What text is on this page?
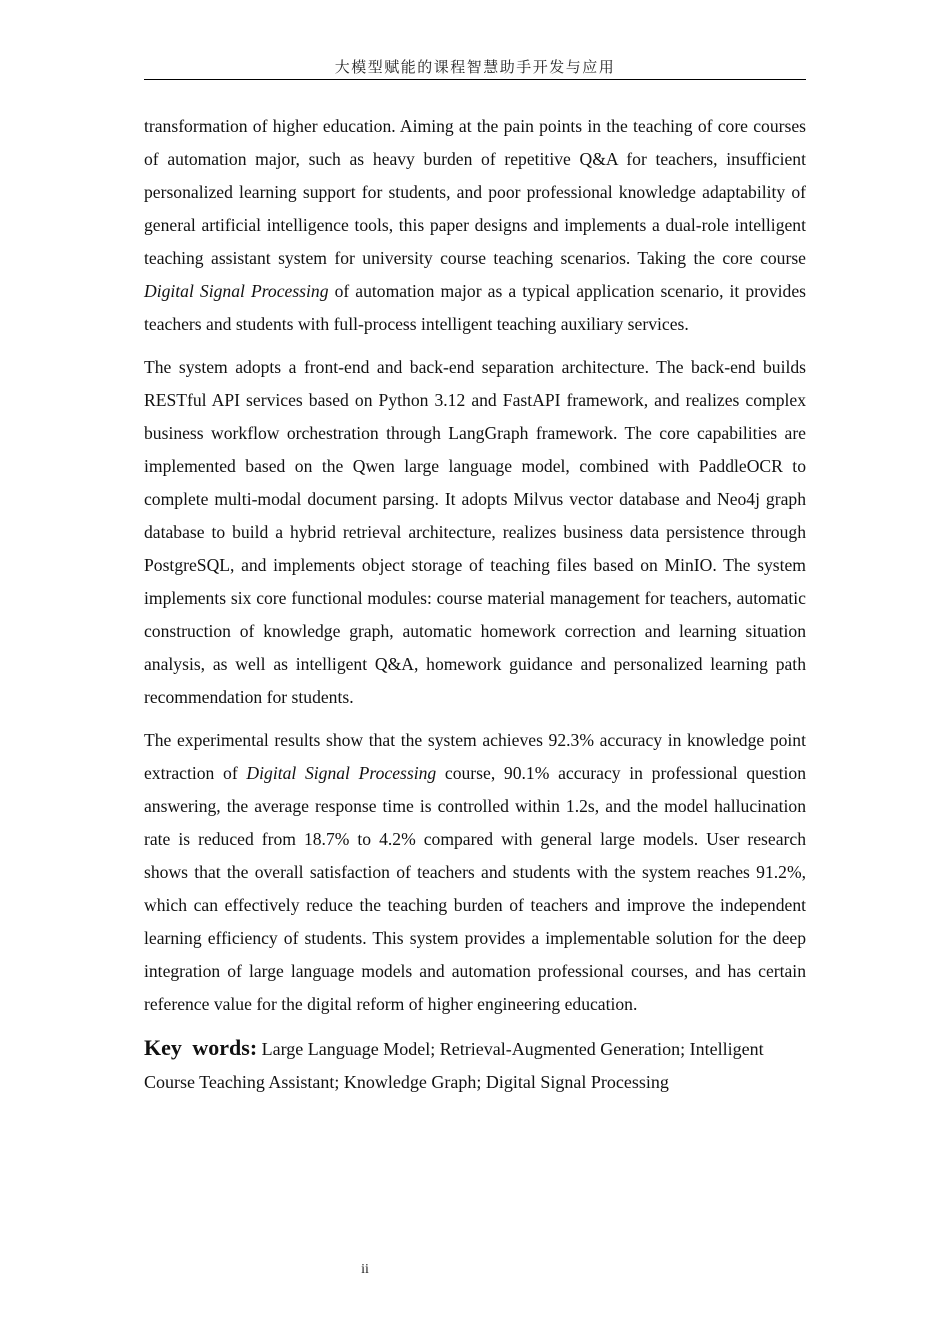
大模型赋能的课程智慧助手开发与应用

transformation of higher education. Aiming at the pain points in the teaching of core courses of automation major, such as heavy burden of repetitive Q&A for teachers, insufficient personalized learning support for students, and poor professional knowledge adaptability of general artificial intelligence tools, this paper designs and implements a dual-role intelligent teaching assistant system for university course teaching scenarios. Taking the core course Digital Signal Processing of automation major as a typical application scenario, it provides teachers and students with full-process intelligent teaching auxiliary services.

The system adopts a front-end and back-end separation architecture. The back-end builds RESTful API services based on Python 3.12 and FastAPI framework, and realizes complex business workflow orchestration through LangGraph framework. The core capabilities are implemented based on the Qwen large language model, combined with PaddleOCR to complete multi-modal document parsing. It adopts Milvus vector database and Neo4j graph database to build a hybrid retrieval architecture, realizes business data persistence through PostgreSQL, and implements object storage of teaching files based on MinIO. The system implements six core functional modules: course material management for teachers, automatic construction of knowledge graph, automatic homework correction and learning situation analysis, as well as intelligent Q&A, homework guidance and personalized learning path recommendation for students.

The experimental results show that the system achieves 92.3% accuracy in knowledge point extraction of Digital Signal Processing course, 90.1% accuracy in professional question answering, the average response time is controlled within 1.2s, and the model hallucination rate is reduced from 18.7% to 4.2% compared with general large models. User research shows that the overall satisfaction of teachers and students with the system reaches 91.2%, which can effectively reduce the teaching burden of teachers and improve the independent learning efficiency of students. This system provides a implementable solution for the deep integration of large language models and automation professional courses, and has certain reference value for the digital reform of higher engineering education.

Key words: Large Language Model; Retrieval-Augmented Generation; Intelligent Course Teaching Assistant; Knowledge Graph; Digital Signal Processing

ii
